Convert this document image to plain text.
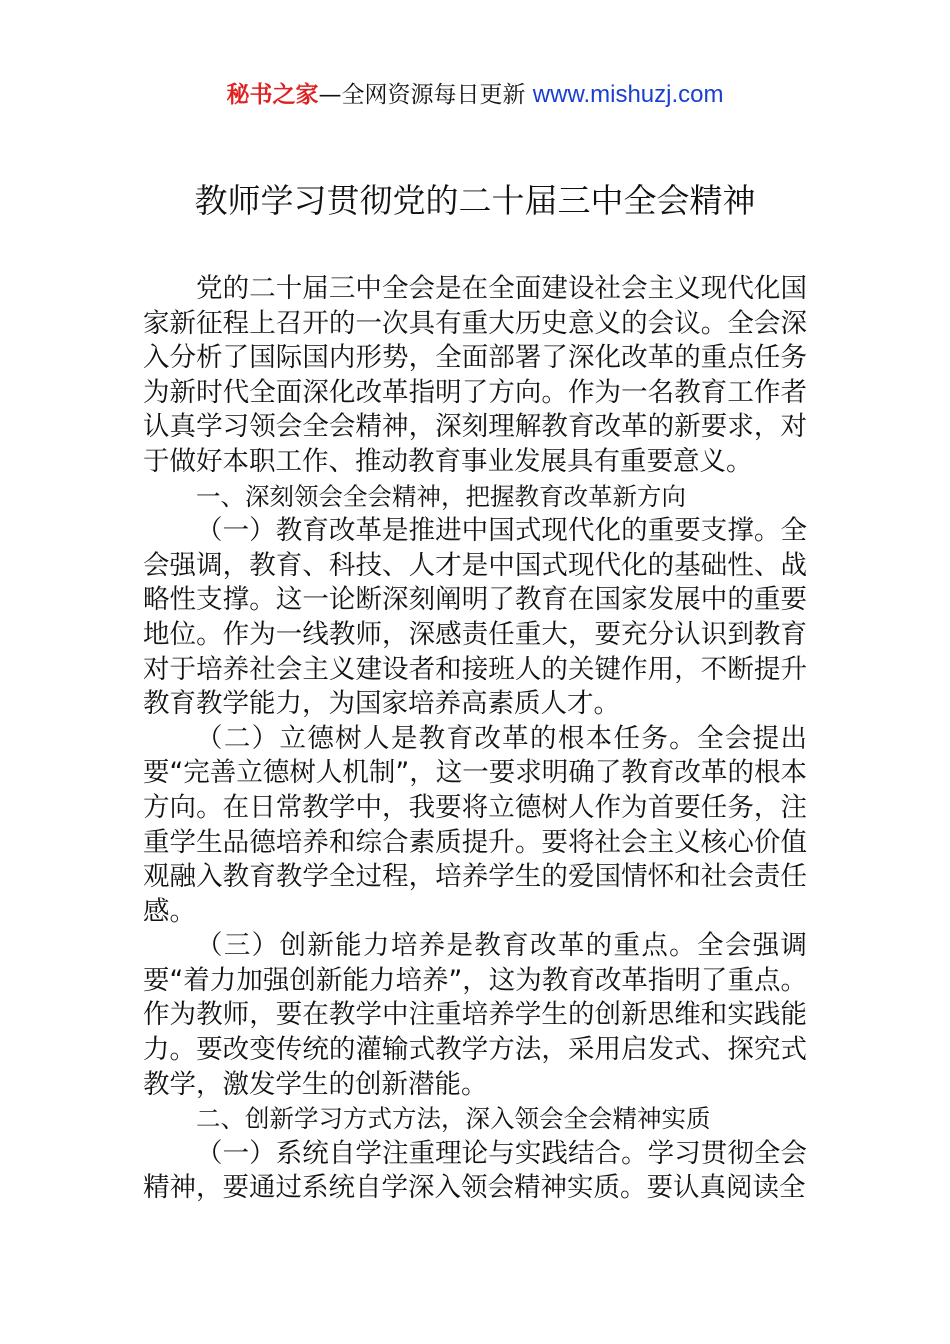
秘书之家—全网资源每日更新 www.mishuzj.com
教师学习贯彻党的二十届三中全会精神

党的二十届三中全会是在全面建设社会主义现代化国家新征程上召开的一次具有重大历史意义的会议。全会深入分析了国际国内形势，全面部署了深化改革的重点任务为新时代全面深化改革指明了方向。作为一名教育工作者认真学习领会全会精神，深刻理解教育改革的新要求，对于做好本职工作、推动教育事业发展具有重要意义。

一、深刻领会全会精神，把握教育改革新方向

（一）教育改革是推进中国式现代化的重要支撑。全会强调，教育、科技、人才是中国式现代化的基础性、战略性支撑。这一论断深刻阐明了教育在国家发展中的重要地位。作为一线教师，深感责任重大，要充分认识到教育对于培养社会主义建设者和接班人的关键作用，不断提升教育教学能力，为国家培养高素质人才。

（二）立德树人是教育改革的根本任务。全会提出要“完善立德树人机制”，这一要求明确了教育改革的根本方向。在日常教学中，我要将立德树人作为首要任务，注重学生品德培养和综合素质提升。要将社会主义核心价值观融入教育教学全过程，培养学生的爱国情怀和社会责任感。

（三）创新能力培养是教育改革的重点。全会强调要“着力加强创新能力培养”，这为教育改革指明了重点。作为教师，要在教学中注重培养学生的创新思维和实践能力。要改变传统的灌输式教学方法，采用启发式、探究式教学，激发学生的创新潜能。

二、创新学习方式方法，深入领会全会精神实质

（一）系统自学注重理论与实践结合。学习贯彻全会精神，要通过系统自学深入领会精神实质。要认真阅读全
